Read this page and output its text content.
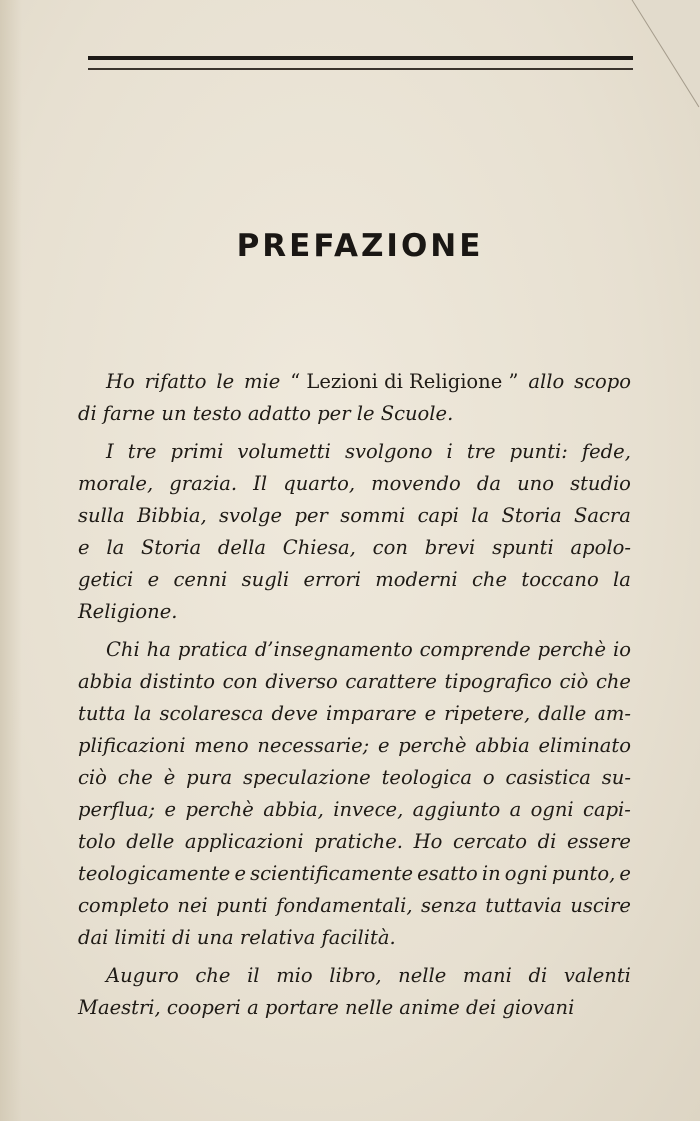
PREFAZIONE
Ho rifatto le mie “ Lezioni di Religione ” allo scopo
di farne un testo adatto per le Scuole.
I tre primi volumetti svolgono i tre punti: fede,
morale, grazia. Il quarto, movendo da uno studio
sulla Bibbia, svolge per sommi capi la Storia Sacra
e la Storia della Chiesa, con brevi spunti apolo-
getici e cenni sugli errori moderni che toccano la
Religione.
Chi ha pratica d’insegnamento comprende perchè io
abbia distinto con diverso carattere tipografico ciò che
tutta la scolaresca deve imparare e ripetere, dalle am-
plificazioni meno necessarie; e perchè abbia eliminato
ciò che è pura speculazione teologica o casistica su-
perflua; e perchè abbia, invece, aggiunto a ogni capi-
tolo delle applicazioni pratiche. Ho cercato di essere
teologicamente e scientificamente esatto in ogni punto, e
completo nei punti fondamentali, senza tuttavia uscire
dai limiti di una relativa facilità.
Auguro che il mio libro, nelle mani di valenti
Maestri, cooperi a portare nelle anime dei giovani
